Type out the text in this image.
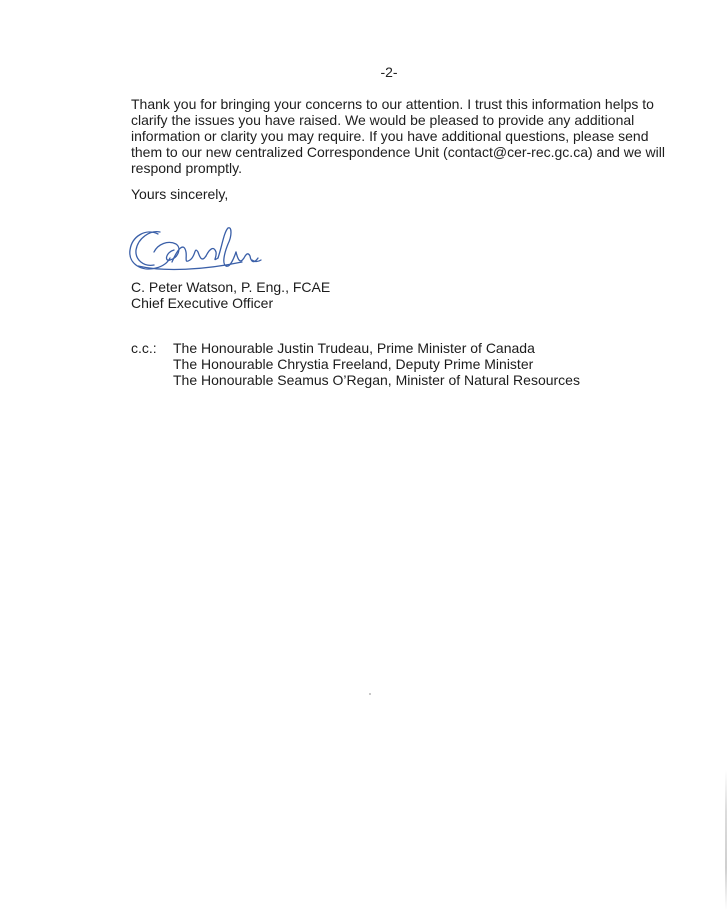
-2-

Thank you for bringing your concerns to our attention. I trust this information helps to clarify the issues you have raised. We would be pleased to provide any additional information or clarity you may require. If you have additional questions, please send them to our new centralized Correspondence Unit (contact@cer-rec.gc.ca) and we will respond promptly.

Yours sincerely,
C. Peter Watson, P. Eng., FCAE
Chief Executive Officer
c.c.: The Honourable Justin Trudeau, Prime Minister of Canada
The Honourable Chrystia Freeland, Deputy Prime Minister
The Honourable Seamus O’Regan, Minister of Natural Resources
